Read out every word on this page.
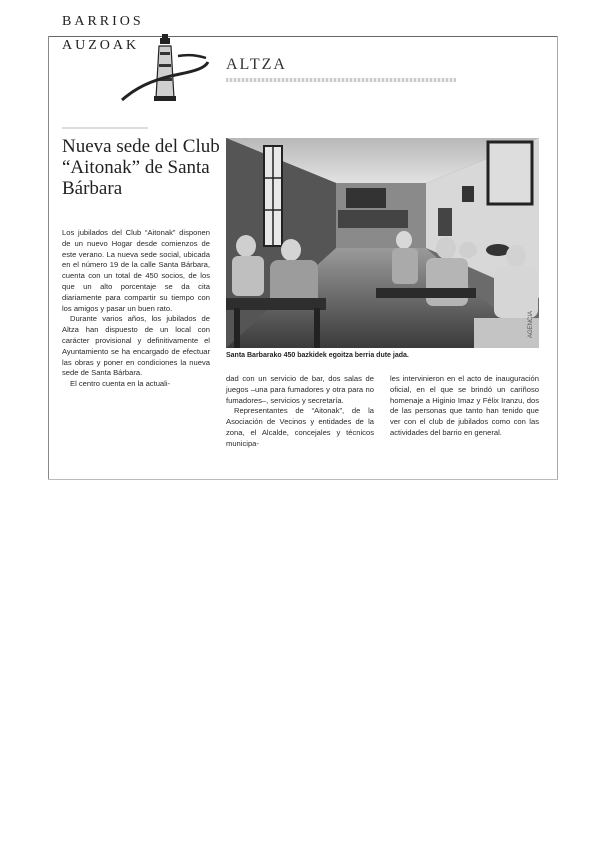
BARRIOS
AUZOAK
ALTZA
Nueva sede del Club “Aitonak” de Santa Bárbara
AGENCIA
Santa Barbarako 450 bazkidek egoitza berria dute jada.

Los jubilados del Club “Aitonak” disponen de un nuevo Hogar desde comienzos de este verano. La nueva sede social, ubicada en el número 19 de la calle Santa Bárbara, cuenta con un total de 450 socios, de los que un alto porcentaje se da cita diariamente para compartir su tiempo con los amigos y pasar un buen rato.

Durante varios años, los jubilados de Altza han dispuesto de un local con carácter provisional y definitivamente el Ayuntamiento se ha encargado de efectuar las obras y poner en condiciones la nueva sede de Santa Bárbara.

El centro cuenta en la actuali-

dad con un servicio de bar, dos salas de juegos –una para fumadores y otra para no fumadores–, servicios y secretaría.

Representantes de “Aitonak”, de la Asociación de Vecinos y entidades de la zona, el Alcalde, concejales y técnicos municipa-

les intervinieron en el acto de inauguración oficial, en el que se brindó un cariñoso homenaje a Higinio Imaz y Félix Iranzu, dos de las personas que tanto han tenido que ver con el club de jubilados como con las actividades del barrio en general.
